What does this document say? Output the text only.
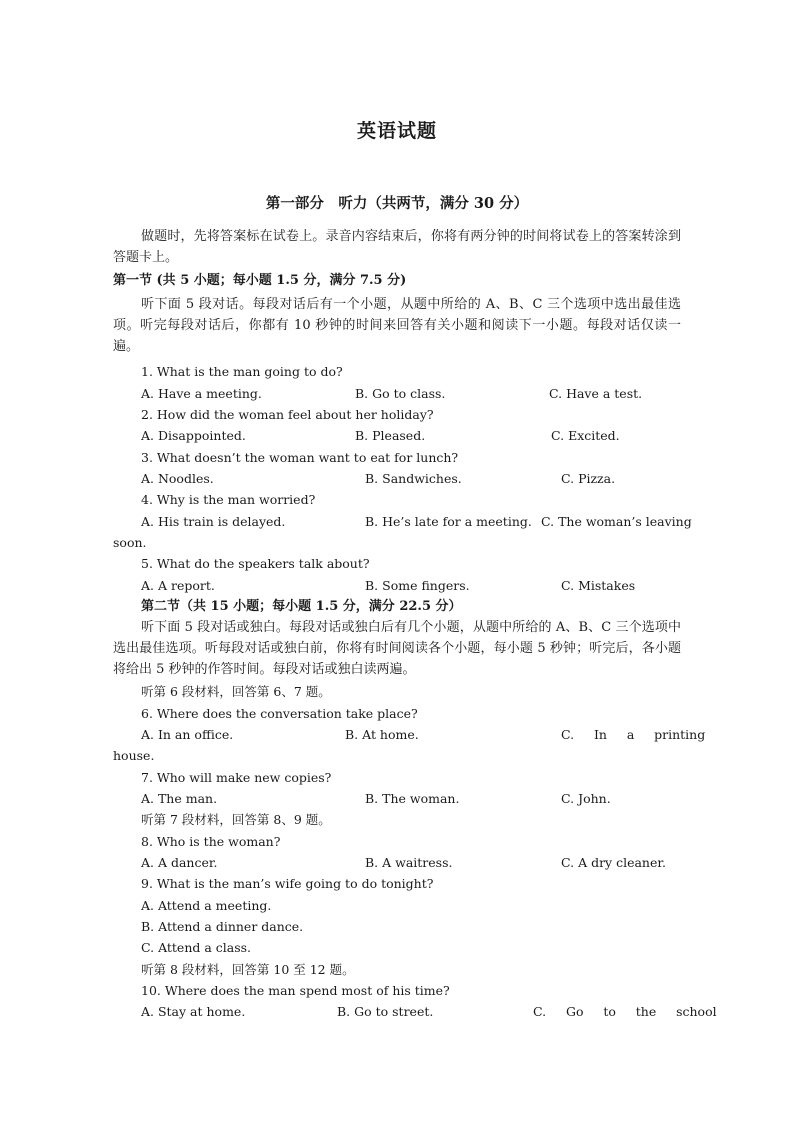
英语试题
第一部分　听力（共两节，满分 30 分）
做题时，先将答案标在试卷上。录音内容结束后，你将有两分钟的时间将试卷上的答案转涂到答题卡上。
第一节 (共 5 小题；每小题 1.5 分，满分 7.5 分)
听下面 5 段对话。每段对话后有一个小题，从题中所给的 A、B、C 三个选项中选出最佳选项。听完每段对话后，你都有 10 秒钟的时间来回答有关小题和阅读下一小题。每段对话仅读一遍。
1. What is the man going to do?
A. Have a meeting.	B. Go to class.	C. Have a test.
2. How did the woman feel about her holiday?
A. Disappointed.	B. Pleased.	C. Excited.
3. What doesn’t the woman want to eat for lunch?
A. Noodles.	B. Sandwiches.	C. Pizza.
4. Why is the man worried?
A. His train is delayed.	B. He’s late for a meeting. C. The woman’s leaving
soon.
5. What do the speakers talk about?
A. A report.	B. Some fingers.	C. Mistakes
第二节（共 15 小题；每小题 1.5 分，满分 22.5 分）
听下面 5 段对话或独白。每段对话或独白后有几个小题，从题中所给的 A、B、C 三个选项中选出最佳选项。听每段对话或独白前，你将有时间阅读各个小题，每小题 5 秒钟；听完后，各小题将给出 5 秒钟的作答时间。每段对话或独白读两遍。
听第 6 段材料，回答第 6、7 题。
6. Where does the conversation take place?
A. In an office.	B. At home.	C.     In     a     printing
house.
7. Who will make new copies?
A. The man.	B. The woman.	C. John.
听第 7 段材料，回答第 8、9 题。
8. Who is the woman?
A. A dancer.	B. A waitress.	C. A dry cleaner.
9. What is the man’s wife going to do tonight?
A. Attend a meeting.
B. Attend a dinner dance.
C. Attend a class.
听第 8 段材料，回答第 10 至 12 题。
10. Where does the man spend most of his time?
A. Stay at home.	B. Go to street.	C.     Go     to     the     school
